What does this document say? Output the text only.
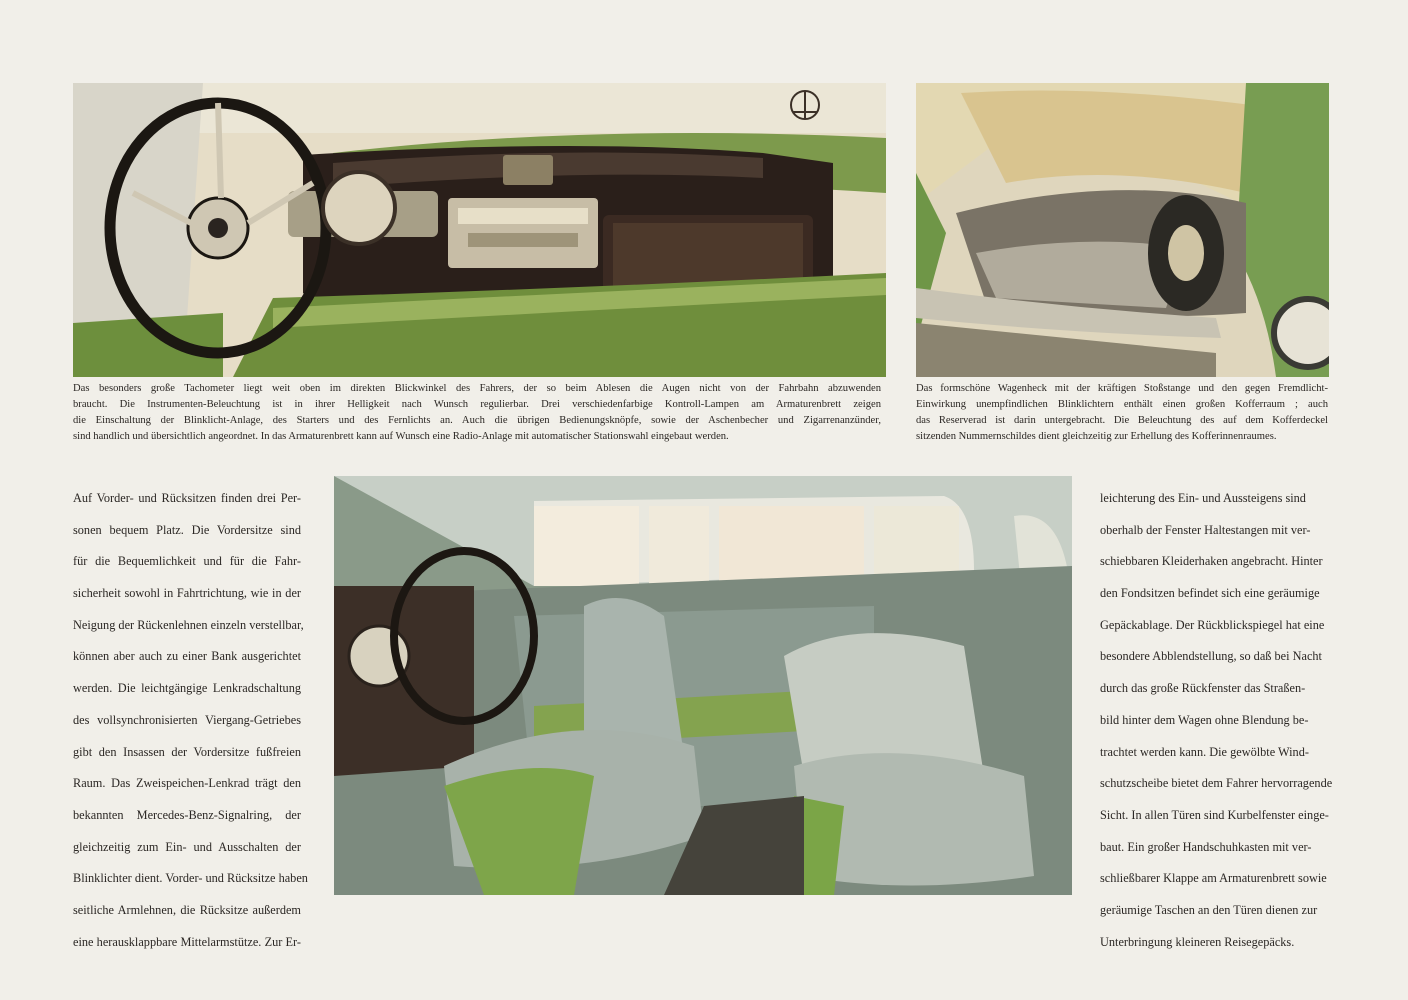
Das besonders große Tachometer liegt weit oben im direkten Blickwinkel des Fahrers, der so beim Ablesen die Augen nicht von der Fahrbahn abzuwenden
braucht. Die Instrumenten-Beleuchtung ist in ihrer Helligkeit nach Wunsch regulierbar. Drei verschiedenfarbige Kontroll-Lampen am Armaturenbrett zeigen
die Einschaltung der Blinklicht-Anlage, des Starters und des Fernlichts an. Auch die übrigen Bedienungsknöpfe, sowie der Aschenbecher und Zigarrenanzünder,
sind handlich und übersichtlich angeordnet. In das Armaturenbrett kann auf Wunsch eine Radio-Anlage mit automatischer Stationswahl eingebaut werden.
Das formschöne Wagenheck mit der kräftigen Stoßstange und den gegen Fremdlicht-
Einwirkung unempfindlichen Blinklichtern enthält einen großen Kofferraum ; auch
das Reserverad ist darin untergebracht. Die Beleuchtung des auf dem Kofferdeckel
sitzenden Nummernschildes dient gleichzeitig zur Erhellung des Kofferinnenraumes.
Auf Vorder- und Rücksitzen finden drei Per-
sonen bequem Platz. Die Vordersitze sind
für die Bequemlichkeit und für die Fahr-
sicherheit sowohl in Fahrtrichtung, wie in der
Neigung der Rückenlehnen einzeln verstellbar,
können aber auch zu einer Bank ausgerichtet
werden. Die leichtgängige Lenkradschaltung
des vollsynchronisierten Viergang-Getriebes
gibt den Insassen der Vordersitze fußfreien
Raum. Das Zweispeichen-Lenkrad trägt den
bekannten Mercedes-Benz-Signalring, der
gleichzeitig zum Ein- und Ausschalten der
Blinklichter dient. Vorder- und Rücksitze haben
seitliche Armlehnen, die Rücksitze außerdem
eine herausklappbare Mittelarmstütze. Zur Er-
leichterung des Ein- und Aussteigens sind
oberhalb der Fenster Haltestangen mit ver-
schiebbaren Kleiderhaken angebracht. Hinter
den Fondsitzen befindet sich eine geräumige
Gepäckablage. Der Rückblickspiegel hat eine
besondere Abblendstellung, so daß bei Nacht
durch das große Rückfenster das Straßen-
bild hinter dem Wagen ohne Blendung be-
trachtet werden kann. Die gewölbte Wind-
schutzscheibe bietet dem Fahrer hervorragende
Sicht. In allen Türen sind Kurbelfenster einge-
baut. Ein großer Handschuhkasten mit ver-
schließbarer Klappe am Armaturenbrett sowie
geräumige Taschen an den Türen dienen zur
Unterbringung kleineren Reisegepäcks.
